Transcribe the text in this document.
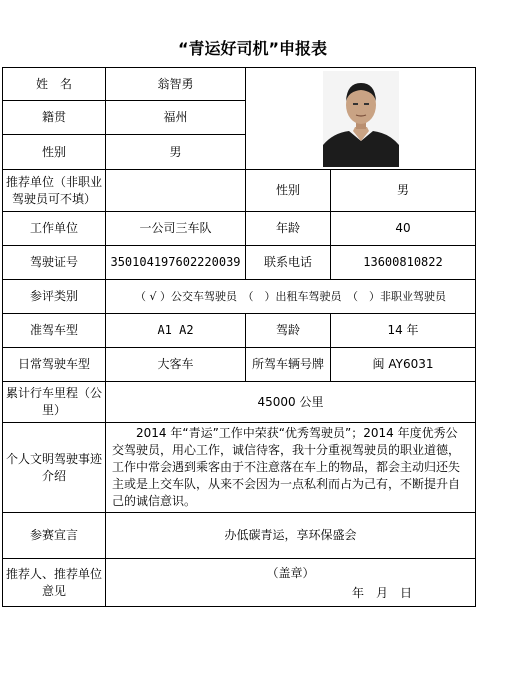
“青运好司机”申报表
姓　名	翁智勇	

籍贯	福州		
性别	男		
推荐单位（非职业驾驶员可不填）		性别	男
工作单位	一公司三车队	年龄	40
驾驶证号	350104197602220039	联系电话	13600810822
参评类别	（ √ ）公交车驾驶员　（　）出租车驾驶员　（　）非职业驾驶员		
准驾车型	A1 A2	驾龄	14 年
日常驾驶车型	大客车	所驾车辆号牌	闽 AY6031
累计行车里程（公里）	45000 公里		
个人文明驾驶事迹介绍	　　2014 年“青运”工作中荣获“优秀驾驶员”；2014 年度优秀公交驾驶员，用心工作，诚信待客，我十分重视驾驶员的职业道德，工作中常会遇到乘客由于不注意落在车上的物品，都会主动归还失主或是上交车队，从来不会因为一点私利而占为己有，不断提升自己的诚信意识。		
参赛宣言	办低碳青运，享环保盛会		
推荐人、推荐单位意见	（盖章）
年　月　日		
